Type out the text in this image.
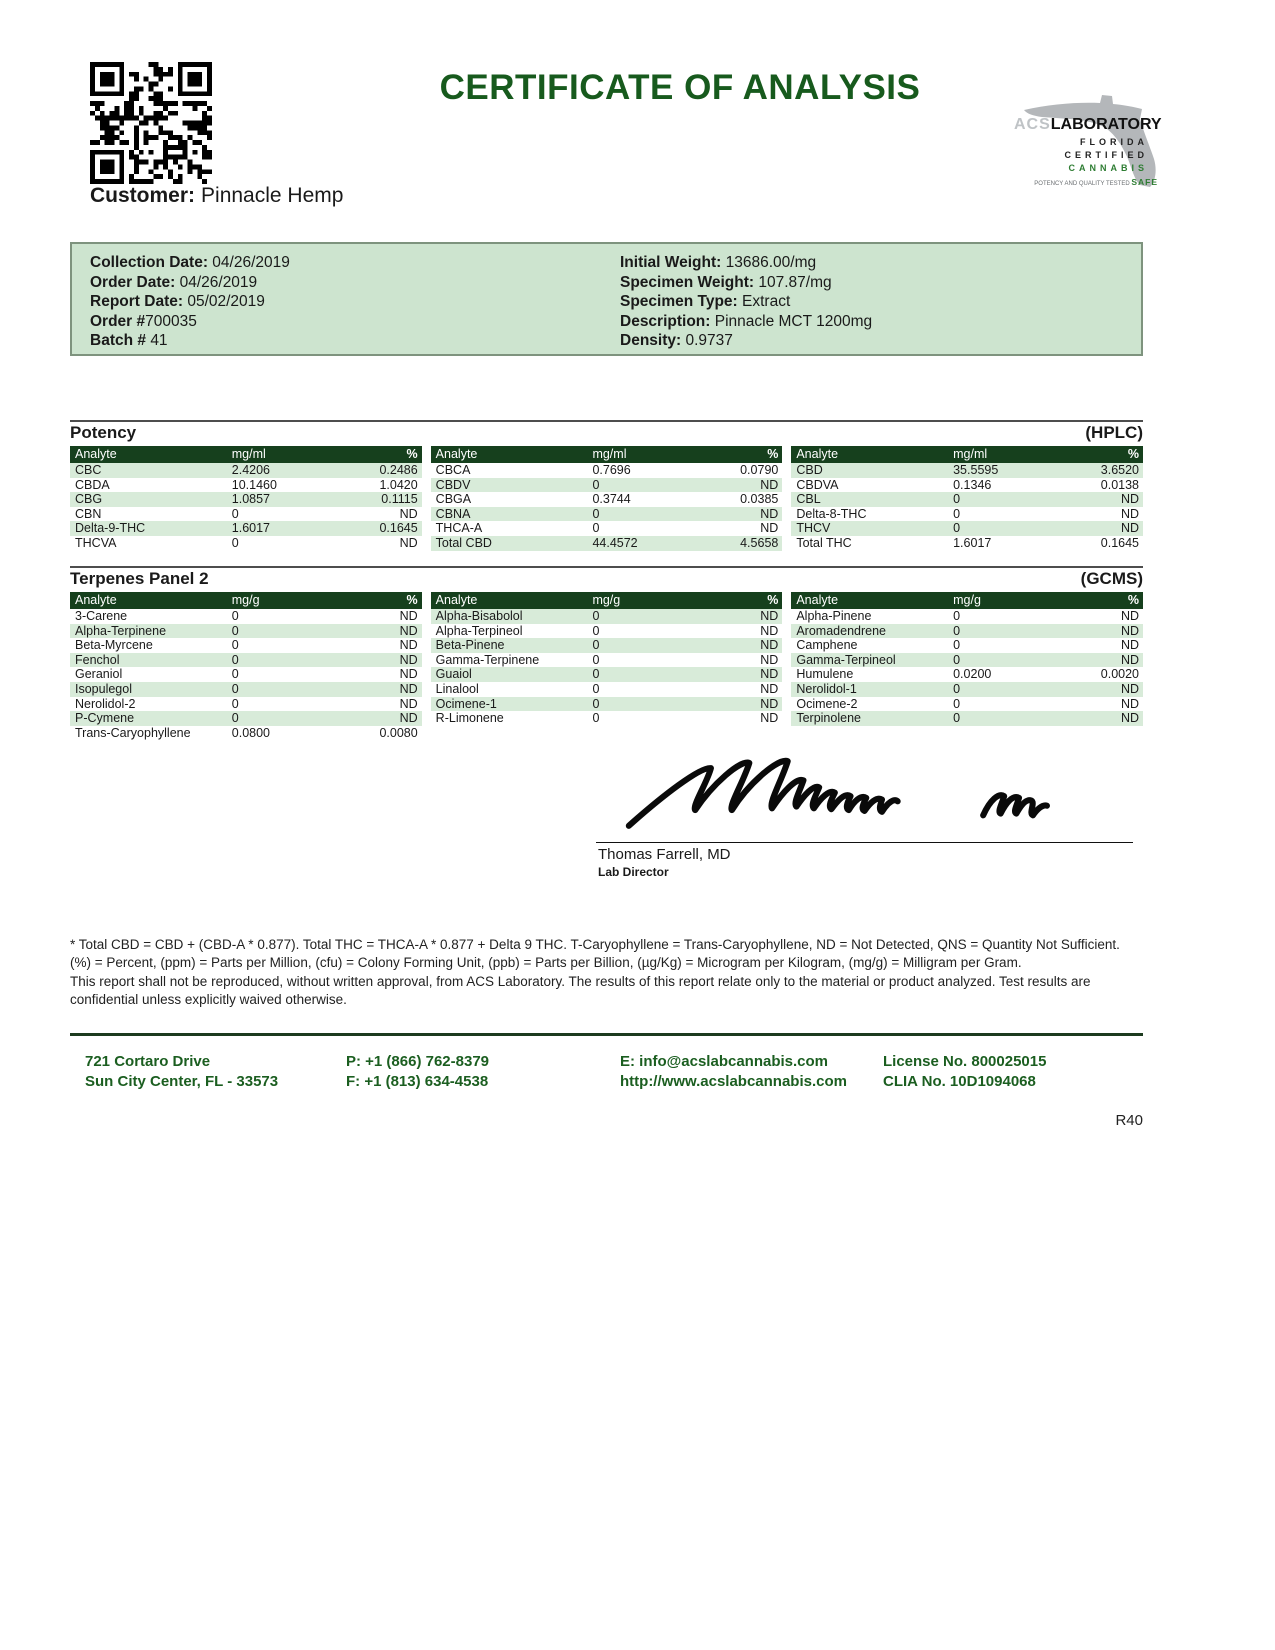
CERTIFICATE OF ANALYSIS
ACSLABORATORY
FLORIDA
CERTIFIED
CANNABIS
POTENCY AND QUALITY TESTED SAFE
Customer: Pinnacle Hemp
Collection Date: 04/26/2019
Order Date: 04/26/2019
Report Date: 05/02/2019
Order #700035
Batch # 41
Initial Weight: 13686.00/mg
Specimen Weight: 107.87/mg
Specimen Type: Extract
Description: Pinnacle MCT 1200mg
Density: 0.9737
Potency	(HPLC)
Analyte	mg/ml	%
CBC	2.4206	0.2486
CBDA	10.1460	1.0420
CBG	1.0857	0.1115
CBN	0	ND
Delta-9-THC	1.6017	0.1645
THCVA	0	ND
Analyte	mg/ml	%
CBCA	0.7696	0.0790
CBDV	0	ND
CBGA	0.3744	0.0385
CBNA	0	ND
THCA-A	0	ND
Total CBD	44.4572	4.5658
Analyte	mg/ml	%
CBD	35.5595	3.6520
CBDVA	0.1346	0.0138
CBL	0	ND
Delta-8-THC	0	ND
THCV	0	ND
Total THC	1.6017	0.1645
Terpenes Panel 2	(GCMS)
Analyte	mg/g	%
3-Carene	0	ND
Alpha-Terpinene	0	ND
Beta-Myrcene	0	ND
Fenchol	0	ND
Geraniol	0	ND
Isopulegol	0	ND
Nerolidol-2	0	ND
P-Cymene	0	ND
Trans-Caryophyllene	0.0800	0.0080
Analyte	mg/g	%
Alpha-Bisabolol	0	ND
Alpha-Terpineol	0	ND
Beta-Pinene	0	ND
Gamma-Terpinene	0	ND
Guaiol	0	ND
Linalool	0	ND
Ocimene-1	0	ND
R-Limonene	0	ND
Analyte	mg/g	%
Alpha-Pinene	0	ND
Aromadendrene	0	ND
Camphene	0	ND
Gamma-Terpineol	0	ND
Humulene	0.0200	0.0020
Nerolidol-1	0	ND
Ocimene-2	0	ND
Terpinolene	0	ND
Thomas Farrell, MD
Lab Director

* Total CBD = CBD + (CBD-A * 0.877). Total THC = THCA-A * 0.877 + Delta 9 THC. T-Caryophyllene = Trans-Caryophyllene, ND = Not Detected, QNS = Quantity Not Sufficient. (%) = Percent, (ppm) = Parts per Million, (cfu) = Colony Forming Unit, (ppb) = Parts per Billion, (µg/Kg) = Microgram per Kilogram, (mg/g) = Milligram per Gram.

This report shall not be reproduced, without written approval, from ACS Laboratory. The results of this report relate only to the material or product analyzed. Test results are confidential unless explicitly waived otherwise.

721 Cortaro Drive
Sun City Center, FL - 33573
P: +1 (866) 762-8379
F: +1 (813) 634-4538
E: info@acslabcannabis.com
http://www.acslabcannabis.com
License No. 800025015
CLIA No. 10D1094068
R40
